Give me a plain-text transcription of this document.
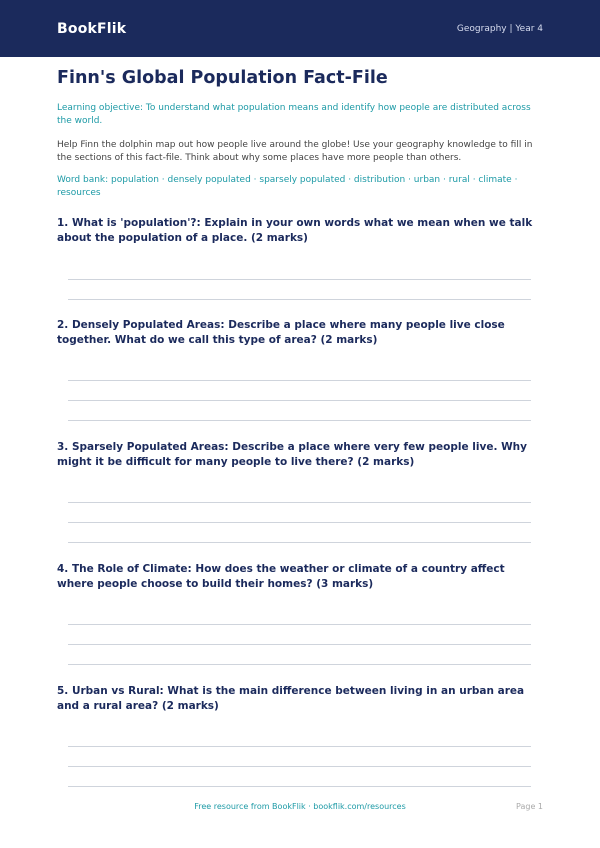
BookFlik	Geography | Year 4
Finn's Global Population Fact-File
Learning objective: To understand what population means and identify how people are distributed across the world.
Help Finn the dolphin map out how people live around the globe! Use your geography knowledge to fill in the sections of this fact-file. Think about why some places have more people than others.
Word bank: population · densely populated · sparsely populated · distribution · urban · rural · climate · resources
1. What is 'population'?: Explain in your own words what we mean when we talk about the population of a place. (2 marks)
2. Densely Populated Areas: Describe a place where many people live close together. What do we call this type of area? (2 marks)
3. Sparsely Populated Areas: Describe a place where very few people live. Why might it be difficult for many people to live there? (2 marks)
4. The Role of Climate: How does the weather or climate of a country affect where people choose to build their homes? (3 marks)
5. Urban vs Rural: What is the main difference between living in an urban area and a rural area? (2 marks)
Free resource from BookFlik · bookflik.com/resources	Page 1
